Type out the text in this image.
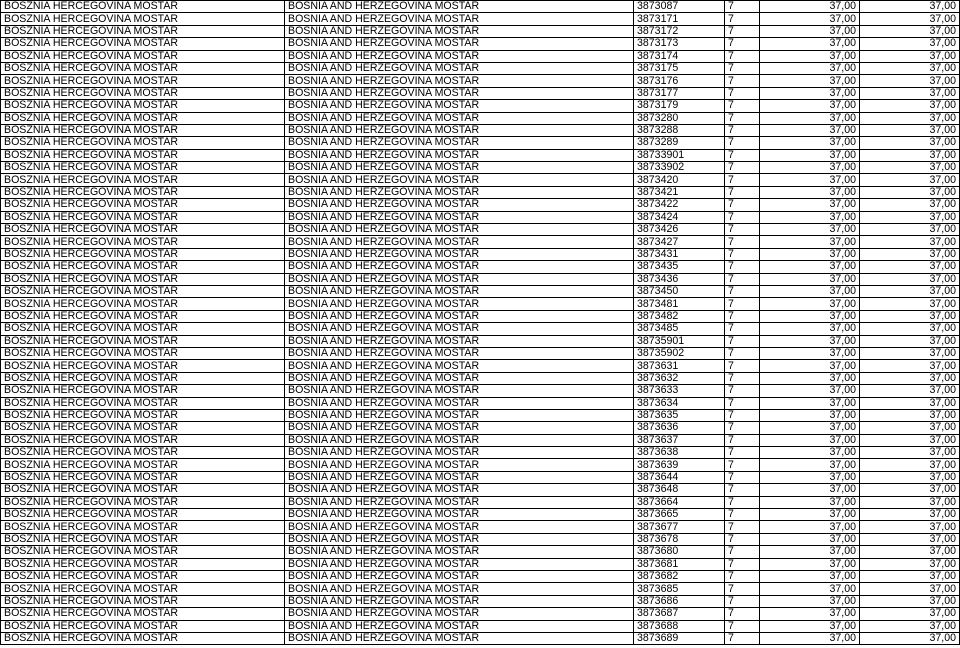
BOSZNIA HERCEGOVINA MOSTAR	BOSNIA AND HERZEGOVINA MOSTAR	3873087	7	37,00	37,00
BOSZNIA HERCEGOVINA MOSTAR	BOSNIA AND HERZEGOVINA MOSTAR	3873171	7	37,00	37,00
BOSZNIA HERCEGOVINA MOSTAR	BOSNIA AND HERZEGOVINA MOSTAR	3873172	7	37,00	37,00
BOSZNIA HERCEGOVINA MOSTAR	BOSNIA AND HERZEGOVINA MOSTAR	3873173	7	37,00	37,00
BOSZNIA HERCEGOVINA MOSTAR	BOSNIA AND HERZEGOVINA MOSTAR	3873174	7	37,00	37,00
BOSZNIA HERCEGOVINA MOSTAR	BOSNIA AND HERZEGOVINA MOSTAR	3873175	7	37,00	37,00
BOSZNIA HERCEGOVINA MOSTAR	BOSNIA AND HERZEGOVINA MOSTAR	3873176	7	37,00	37,00
BOSZNIA HERCEGOVINA MOSTAR	BOSNIA AND HERZEGOVINA MOSTAR	3873177	7	37,00	37,00
BOSZNIA HERCEGOVINA MOSTAR	BOSNIA AND HERZEGOVINA MOSTAR	3873179	7	37,00	37,00
BOSZNIA HERCEGOVINA MOSTAR	BOSNIA AND HERZEGOVINA MOSTAR	3873280	7	37,00	37,00
BOSZNIA HERCEGOVINA MOSTAR	BOSNIA AND HERZEGOVINA MOSTAR	3873288	7	37,00	37,00
BOSZNIA HERCEGOVINA MOSTAR	BOSNIA AND HERZEGOVINA MOSTAR	3873289	7	37,00	37,00
BOSZNIA HERCEGOVINA MOSTAR	BOSNIA AND HERZEGOVINA MOSTAR	38733901	7	37,00	37,00
BOSZNIA HERCEGOVINA MOSTAR	BOSNIA AND HERZEGOVINA MOSTAR	38733902	7	37,00	37,00
BOSZNIA HERCEGOVINA MOSTAR	BOSNIA AND HERZEGOVINA MOSTAR	3873420	7	37,00	37,00
BOSZNIA HERCEGOVINA MOSTAR	BOSNIA AND HERZEGOVINA MOSTAR	3873421	7	37,00	37,00
BOSZNIA HERCEGOVINA MOSTAR	BOSNIA AND HERZEGOVINA MOSTAR	3873422	7	37,00	37,00
BOSZNIA HERCEGOVINA MOSTAR	BOSNIA AND HERZEGOVINA MOSTAR	3873424	7	37,00	37,00
BOSZNIA HERCEGOVINA MOSTAR	BOSNIA AND HERZEGOVINA MOSTAR	3873426	7	37,00	37,00
BOSZNIA HERCEGOVINA MOSTAR	BOSNIA AND HERZEGOVINA MOSTAR	3873427	7	37,00	37,00
BOSZNIA HERCEGOVINA MOSTAR	BOSNIA AND HERZEGOVINA MOSTAR	3873431	7	37,00	37,00
BOSZNIA HERCEGOVINA MOSTAR	BOSNIA AND HERZEGOVINA MOSTAR	3873435	7	37,00	37,00
BOSZNIA HERCEGOVINA MOSTAR	BOSNIA AND HERZEGOVINA MOSTAR	3873436	7	37,00	37,00
BOSZNIA HERCEGOVINA MOSTAR	BOSNIA AND HERZEGOVINA MOSTAR	3873450	7	37,00	37,00
BOSZNIA HERCEGOVINA MOSTAR	BOSNIA AND HERZEGOVINA MOSTAR	3873481	7	37,00	37,00
BOSZNIA HERCEGOVINA MOSTAR	BOSNIA AND HERZEGOVINA MOSTAR	3873482	7	37,00	37,00
BOSZNIA HERCEGOVINA MOSTAR	BOSNIA AND HERZEGOVINA MOSTAR	3873485	7	37,00	37,00
BOSZNIA HERCEGOVINA MOSTAR	BOSNIA AND HERZEGOVINA MOSTAR	38735901	7	37,00	37,00
BOSZNIA HERCEGOVINA MOSTAR	BOSNIA AND HERZEGOVINA MOSTAR	38735902	7	37,00	37,00
BOSZNIA HERCEGOVINA MOSTAR	BOSNIA AND HERZEGOVINA MOSTAR	3873631	7	37,00	37,00
BOSZNIA HERCEGOVINA MOSTAR	BOSNIA AND HERZEGOVINA MOSTAR	3873632	7	37,00	37,00
BOSZNIA HERCEGOVINA MOSTAR	BOSNIA AND HERZEGOVINA MOSTAR	3873633	7	37,00	37,00
BOSZNIA HERCEGOVINA MOSTAR	BOSNIA AND HERZEGOVINA MOSTAR	3873634	7	37,00	37,00
BOSZNIA HERCEGOVINA MOSTAR	BOSNIA AND HERZEGOVINA MOSTAR	3873635	7	37,00	37,00
BOSZNIA HERCEGOVINA MOSTAR	BOSNIA AND HERZEGOVINA MOSTAR	3873636	7	37,00	37,00
BOSZNIA HERCEGOVINA MOSTAR	BOSNIA AND HERZEGOVINA MOSTAR	3873637	7	37,00	37,00
BOSZNIA HERCEGOVINA MOSTAR	BOSNIA AND HERZEGOVINA MOSTAR	3873638	7	37,00	37,00
BOSZNIA HERCEGOVINA MOSTAR	BOSNIA AND HERZEGOVINA MOSTAR	3873639	7	37,00	37,00
BOSZNIA HERCEGOVINA MOSTAR	BOSNIA AND HERZEGOVINA MOSTAR	3873644	7	37,00	37,00
BOSZNIA HERCEGOVINA MOSTAR	BOSNIA AND HERZEGOVINA MOSTAR	3873648	7	37,00	37,00
BOSZNIA HERCEGOVINA MOSTAR	BOSNIA AND HERZEGOVINA MOSTAR	3873664	7	37,00	37,00
BOSZNIA HERCEGOVINA MOSTAR	BOSNIA AND HERZEGOVINA MOSTAR	3873665	7	37,00	37,00
BOSZNIA HERCEGOVINA MOSTAR	BOSNIA AND HERZEGOVINA MOSTAR	3873677	7	37,00	37,00
BOSZNIA HERCEGOVINA MOSTAR	BOSNIA AND HERZEGOVINA MOSTAR	3873678	7	37,00	37,00
BOSZNIA HERCEGOVINA MOSTAR	BOSNIA AND HERZEGOVINA MOSTAR	3873680	7	37,00	37,00
BOSZNIA HERCEGOVINA MOSTAR	BOSNIA AND HERZEGOVINA MOSTAR	3873681	7	37,00	37,00
BOSZNIA HERCEGOVINA MOSTAR	BOSNIA AND HERZEGOVINA MOSTAR	3873682	7	37,00	37,00
BOSZNIA HERCEGOVINA MOSTAR	BOSNIA AND HERZEGOVINA MOSTAR	3873685	7	37,00	37,00
BOSZNIA HERCEGOVINA MOSTAR	BOSNIA AND HERZEGOVINA MOSTAR	3873686	7	37,00	37,00
BOSZNIA HERCEGOVINA MOSTAR	BOSNIA AND HERZEGOVINA MOSTAR	3873687	7	37,00	37,00
BOSZNIA HERCEGOVINA MOSTAR	BOSNIA AND HERZEGOVINA MOSTAR	3873688	7	37,00	37,00
BOSZNIA HERCEGOVINA MOSTAR	BOSNIA AND HERZEGOVINA MOSTAR	3873689	7	37,00	37,00
